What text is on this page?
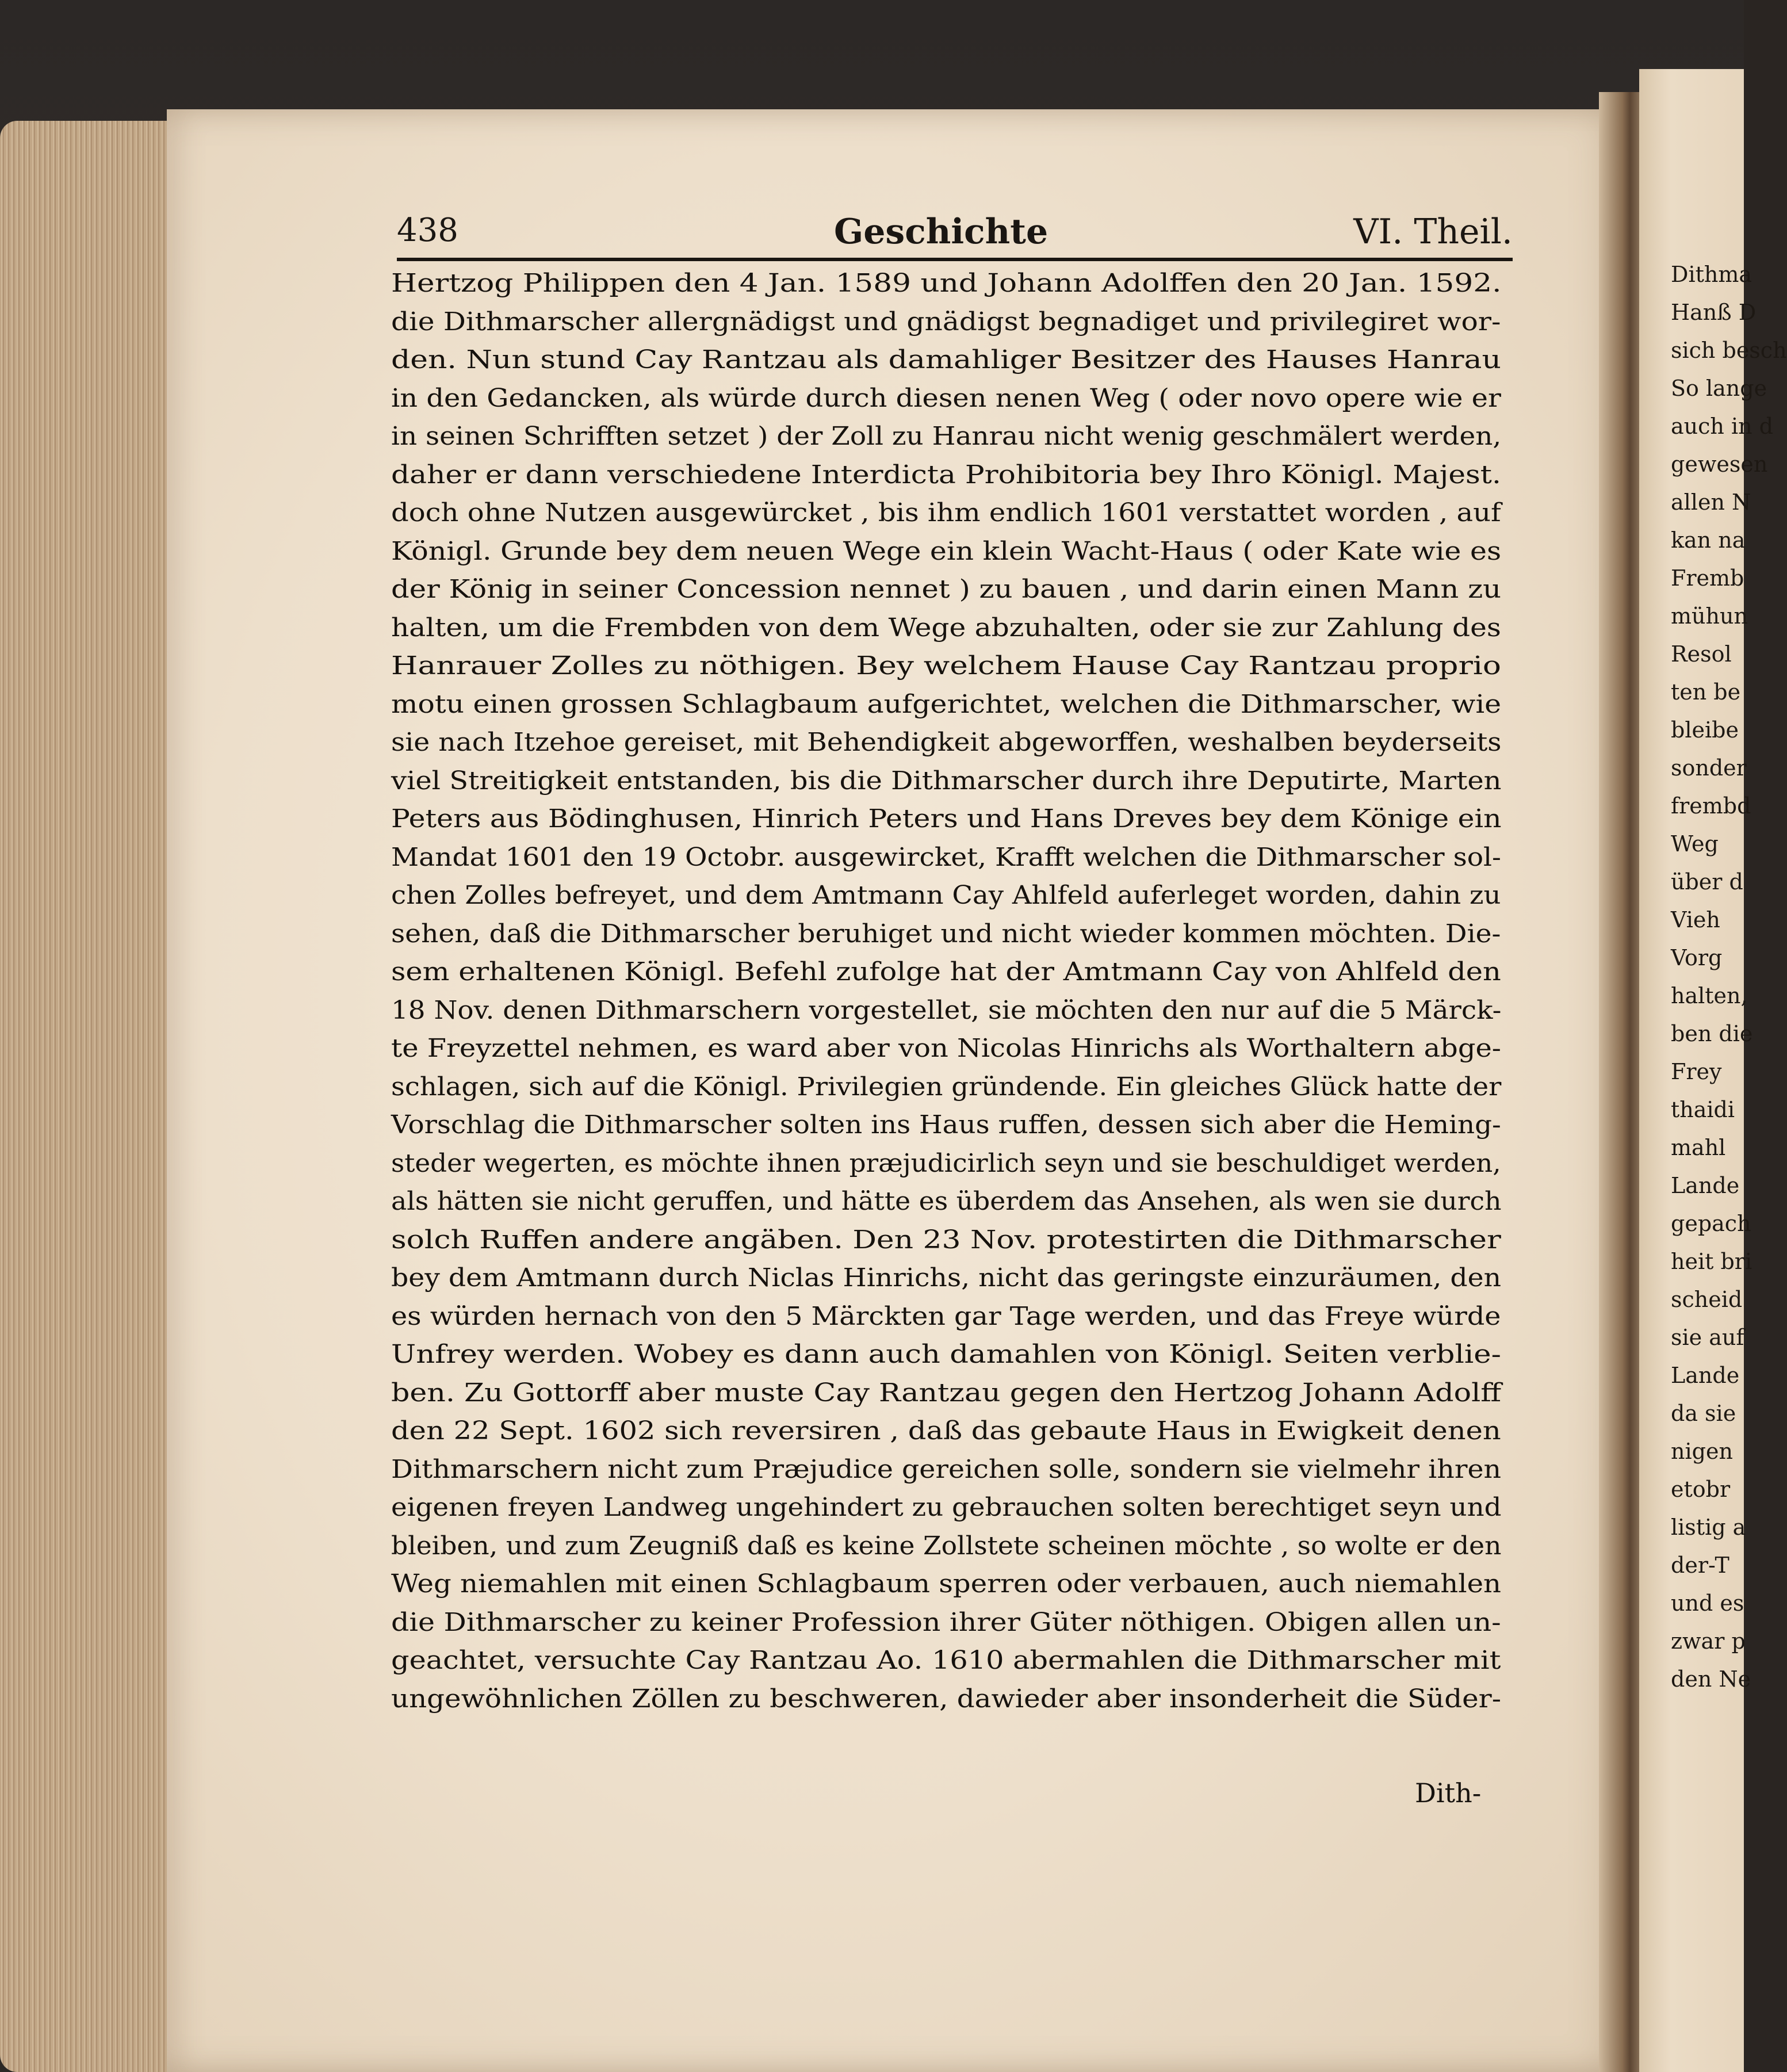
438	Geschichte	VI. Theil.
Hertzog Philippen den 4 Jan. 1589 und Johann Adolffen den 20 Jan. 1592.
die Dithmarscher allergnädigst und gnädigst begnadiget und privilegiret wor-
den. Nun stund Cay Rantzau als damahliger Besitzer des Hauses Hanrau
in den Gedancken, als würde durch diesen nenen Weg ( oder novo opere wie er
in seinen Schrifften setzet ) der Zoll zu Hanrau nicht wenig geschmälert werden,
daher er dann verschiedene Interdicta Prohibitoria bey Ihro Königl. Majest.
doch ohne Nutzen ausgewürcket , bis ihm endlich 1601 verstattet worden , auf
Königl. Grunde bey dem neuen Wege ein klein Wacht-Haus ( oder Kate wie es
der König in seiner Concession nennet ) zu bauen , und darin einen Mann zu
halten, um die Frembden von dem Wege abzuhalten, oder sie zur Zahlung des
Hanrauer Zolles zu nöthigen. Bey welchem Hause Cay Rantzau proprio
motu einen grossen Schlagbaum aufgerichtet, welchen die Dithmarscher, wie
sie nach Itzehoe gereiset, mit Behendigkeit abgeworffen, weshalben beyderseits
viel Streitigkeit entstanden, bis die Dithmarscher durch ihre Deputirte, Marten
Peters aus Bödinghusen, Hinrich Peters und Hans Dreves bey dem Könige ein
Mandat 1601 den 19 Octobr. ausgewircket, Krafft welchen die Dithmarscher sol-
chen Zolles befreyet, und dem Amtmann Cay Ahlfeld auferleget worden, dahin zu
sehen, daß die Dithmarscher beruhiget und nicht wieder kommen möchten. Die-
sem erhaltenen Königl. Befehl zufolge hat der Amtmann Cay von Ahlfeld den
18 Nov. denen Dithmarschern vorgestellet, sie möchten den nur auf die 5 Märck-
te Freyzettel nehmen, es ward aber von Nicolas Hinrichs als Worthaltern abge-
schlagen, sich auf die Königl. Privilegien gründende. Ein gleiches Glück hatte der
Vorschlag die Dithmarscher solten ins Haus ruffen, dessen sich aber die Heming-
steder wegerten, es möchte ihnen præjudicirlich seyn und sie beschuldiget werden,
als hätten sie nicht geruffen, und hätte es überdem das Ansehen, als wen sie durch
solch Ruffen andere angäben. Den 23 Nov. protestirten die Dithmarscher
bey dem Amtmann durch Niclas Hinrichs, nicht das geringste einzuräumen, den
es würden hernach von den 5 Märckten gar Tage werden, und das Freye würde
Unfrey werden. Wobey es dann auch damahlen von Königl. Seiten verblie-
ben. Zu Gottorff aber muste Cay Rantzau gegen den Hertzog Johann Adolff
den 22 Sept. 1602 sich reversiren , daß das gebaute Haus in Ewigkeit denen
Dithmarschern nicht zum Præjudice gereichen solle, sondern sie vielmehr ihren
eigenen freyen Landweg ungehindert zu gebrauchen solten berechtiget seyn und
bleiben, und zum Zeugniß daß es keine Zollstete scheinen möchte , so wolte er den
Weg niemahlen mit einen Schlagbaum sperren oder verbauen, auch niemahlen
die Dithmarscher zu keiner Profession ihrer Güter nöthigen. Obigen allen un-
geachtet, versuchte Cay Rantzau Ao. 1610 abermahlen die Dithmarscher mit
ungewöhnlichen Zöllen zu beschweren, dawieder aber insonderheit die Süder-
Dith-
Dithma
Hanß D
sich besch
So lange
auch in d
gewesen
allen N
kan na
Fremb
mühun
Resol
ten be
bleibe
sonder
frembd
Weg
über d
Vieh
Vorg
halten,
ben die
Frey
thaidi
mahl
Lande
gepach
heit bri
scheid
sie auf
Lande
da sie
nigen
etobr
listig a
der-T
und es
zwar p
den Ne
